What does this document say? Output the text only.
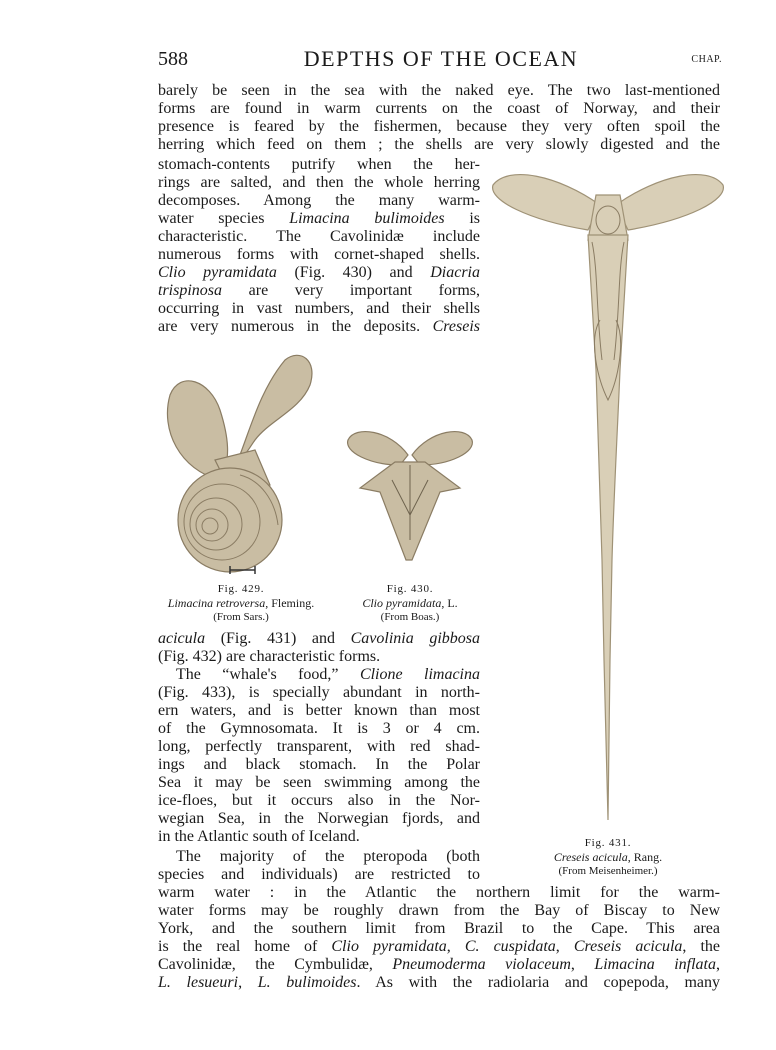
588	DEPTHS OF THE OCEAN	CHAP.
barely be seen in the sea with the naked eye. The two last-mentioned
forms are found in warm currents on the coast of Norway, and their
presence is feared by the fishermen, because they very often spoil the
herring which feed on them ; the shells are very slowly digested and the
stomach-contents putrify when the her-
rings are salted, and then the whole herring
decomposes. Among the many warm-
water species Limacina bulimoides is
characteristic. The Cavolinidæ include
numerous forms with cornet-shaped shells.
Clio pyramidata (Fig. 430) and Diacria
trispinosa are very important forms,
occurring in vast numbers, and their shells
are very numerous in the deposits. Creseis
Fig. 429.
Limacina retroversa, Fleming.
(From Sars.)
Fig. 430.
Clio pyramidata, L.
(From Boas.)
Fig. 431.
Creseis acicula, Rang.
(From Meisenheimer.)
acicula (Fig. 431) and Cavolinia gibbosa
(Fig. 432) are characteristic forms.
The “whale's food,” Clione limacina
(Fig. 433), is specially abundant in north-
ern waters, and is better known than most
of the Gymnosomata. It is 3 or 4 cm.
long, perfectly transparent, with red shad-
ings and black stomach. In the Polar
Sea it may be seen swimming among the
ice-floes, but it occurs also in the Nor-
wegian Sea, in the Norwegian fjords, and
in the Atlantic south of Iceland.
The majority of the pteropoda (both
species and individuals) are restricted to
warm water : in the Atlantic the northern limit for the warm-
water forms may be roughly drawn from the Bay of Biscay to New
York, and the southern limit from Brazil to the Cape. This area
is the real home of Clio pyramidata, C. cuspidata, Creseis acicula, the
Cavolinidæ, the Cymbulidæ, Pneumoderma violaceum, Limacina inflata,
L. lesueuri, L. bulimoides. As with the radiolaria and copepoda, many
